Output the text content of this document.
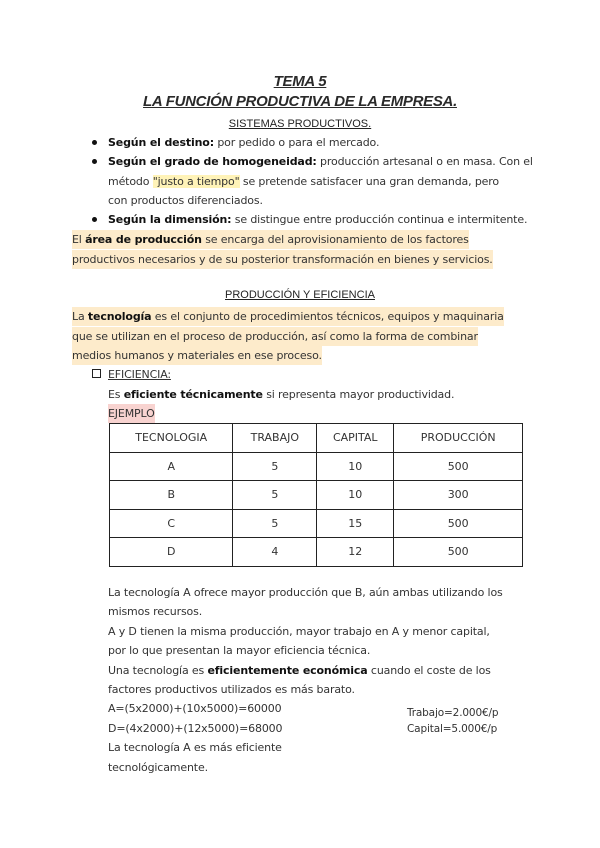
TEMA 5
LA FUNCIÓN PRODUCTIVA DE LA EMPRESA.
SISTEMAS PRODUCTIVOS.
Según el destino: por pedido o para el mercado.
Según el grado de homogeneidad: producción artesanal o en masa. Con el
método "justo a tiempo" se pretende satisfacer una gran demanda, pero
con productos diferenciados.
Según la dimensión: se distingue entre producción continua e intermitente.
El área de producción se encarga del aprovisionamiento de los factores
productivos necesarios y de su posterior transformación en bienes y servicios.
PRODUCCIÓN Y EFICIENCIA
La tecnología es el conjunto de procedimientos técnicos, equipos y maquinaria
que se utilizan en el proceso de producción, así como la forma de combinar
medios humanos y materiales en ese proceso.
EFICIENCIA:
Es eficiente técnicamente si representa mayor productividad.
EJEMPLO
TECNOLOGIA	TRABAJO	CAPITAL	PRODUCCIÓN
A	5	10	500
B	5	10	300
C	5	15	500
D	4	12	500
La tecnología A ofrece mayor producción que B, aún ambas utilizando los
mismos recursos.
A y D tienen la misma producción, mayor trabajo en A y menor capital,
por lo que presentan la mayor eficiencia técnica.
Una tecnología es eficientemente económica cuando el coste de los
factores productivos utilizados es más barato.
A=(5x2000)+(10x5000)=60000
D=(4x2000)+(12x5000)=68000
La tecnología A es más eficiente
tecnológicamente.
Trabajo=2.000€/p
Capital=5.000€/p
